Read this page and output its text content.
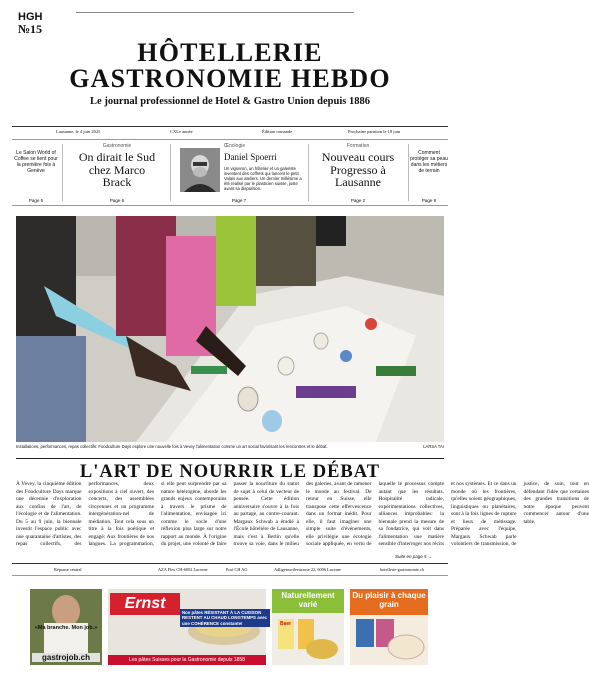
HGH
№15
HÔTELLERIE
GASTRONOMIE HEBDO
Le journal professionnel de Hotel & Gastro Union depuis 1886
Lausanne, le 4 juin 2025	CXLe année	Édition romande	Prochaine parution le 18 juin
Le Salon World of Coffee se tient pour la première fois à Genève
Page 5
Gastronomie
On dirait le Sud chez Marco Brack
Page 6
Œnologie
Daniel Spoerri
Un vigneron, un hôtelier et un galeriste inventent des coffrets qui lancent le petit Valais aux ateliers. Un dernier millésime a été réalisé par le plasticien suisse, juste avant sa disparition.
Page 7
Formation
Nouveau cours Progresso à Lausanne
Page 2
Comment protéger sa peau dans les métiers de terrain
Page 9
Installations, performances, repas collectifs: Foodculture Days explore une nouvelle fois à Vevey l'alimentation comme un art social favorisant les rencontres et le débat.	LARSA TAI
L'ART DE NOURRIR LE DÉBAT
À Vevey, la cinquième édition des Foodculture Days marque une décennie d'exploration aux confins de l'art, de l'écologie et de l'alimentation. Du 5 au 9 juin, la biennale investit l'espace public avec une quarantaine d'artistes, des repas collectifs, des performances, deux expositions à ciel ouvert, des concerts, des assemblées citoyennes et un programme intergénération-nel de médiation. Tout cela sous un titre à la fois poétique et engagé: Aux frontières de nos langues. La programmation, si elle peut surprendre par sa nature hétérogène, aborde les grands enjeux contemporains à travers le prisme de l'alimentation, envisagée ici comme le socle d'une réflexion plus large sur notre rapport au monde. À l'origine du projet, une volonté de faire passer la nourriture du statut de sujet à celui de vecteur de pensée. Cette édition anniversaire s'ouvre à la fois au partage, au contre-courant. Margaux Schwab a étudié à l'École hôtelière de Lausanne, mais c'est à Berlin qu'elle trouve sa voie, dans le milieu des galeries, avant de ramener le monde au festival. De retour en Suisse, elle transpose cette effervescence dans un format inédit. Pour elle, il faut imaginer une simple suite d'événements, elle privilégie une écologie sociale appliquée, en vertu de laquelle le processus compte autant que les résultats. Hospitalité radicale, expérimentations collectives, alliances improbables: la biennale prend la mesure de sa fondatrice, qui voit dans l'alimentation une matière sensible d'interroger nos récits et nos systèmes. Et ce dans un monde où les frontières, qu'elles soient géographiques, linguistiques ou planétaires, sont à la fois lignes de rupture et lieux de métissage. Préparée avec l'équipe, Margaux Schwab parle volontiers de transmission, de justice, de soin, tout en défendant l'idée que certaines des grandes transitions de notre époque peuvent commencer autour d'une table.
Suite en page 5 →
Réponse central	AZA Flex CH-6002 Lucerne	Post CH AG	Adligenswilerstrasse 22, 6006 Lucerne	hotellerie-gastronomie.ch
«Ma branche. Mon job.»
gastrojob.ch
Ernst
Nos pâtes RÉSISTANT À LA CUISSON RESTENT AU CHAUD LONGTEMPS avec une COHÉRENCE constante!
Les pâtes Suisses pour la Gastronomie depuis 1858
Naturellement varié
Baer
Du plaisir à chaque grain
